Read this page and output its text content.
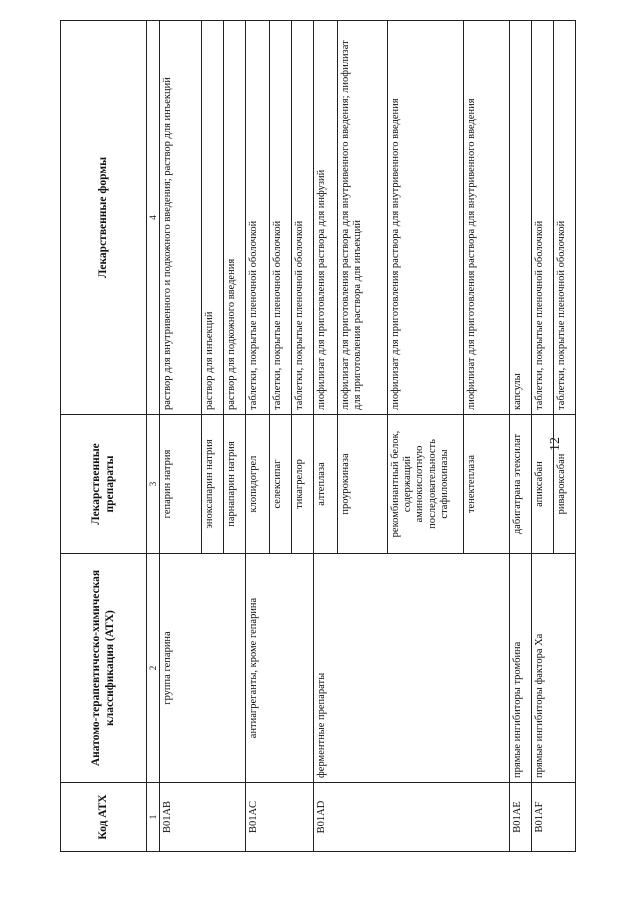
12
Код АТХ	Анатомо-терапевтическо-химическая классификация (АТХ)	Лекарственные препараты	Лекарственные формы
1	2	3	4
B01AB	группа гепарина	гепарин натрия	раствор для внутривенного и подкожного введения; раствор для инъекций
		эноксапарин натрия	раствор для инъекций
		парнапарин натрия	раствор для подкожного введения
B01AC	антиагреганты, кроме гепарина	клопидогрел	таблетки, покрытые пленочной оболочкой
		селексипаг	таблетки, покрытые пленочной оболочкой
		тикагрелор	таблетки, покрытые пленочной оболочкой
B01AD	ферментные препараты	алтеплаза	лиофилизат для приготовления раствора для инфузий
		проурокиназа	лиофилизат для приготовления раствора для внутривенного введения; лиофилизат для приготовления раствора для инъекций
		рекомбинантный белок, содержащий аминокислотную последовательность стафилокиназы	лиофилизат для приготовления раствора для внутривенного введения
		тенектеплаза	лиофилизат для приготовления раствора для внутривенного введения
B01AE	прямые ингибиторы тромбина	дабигатрана этексилат	капсулы
B01AF	прямые ингибиторы фактора Xa	апиксабан	таблетки, покрытые пленочной оболочкой
		ривароксабан	таблетки, покрытые пленочной оболочкой
